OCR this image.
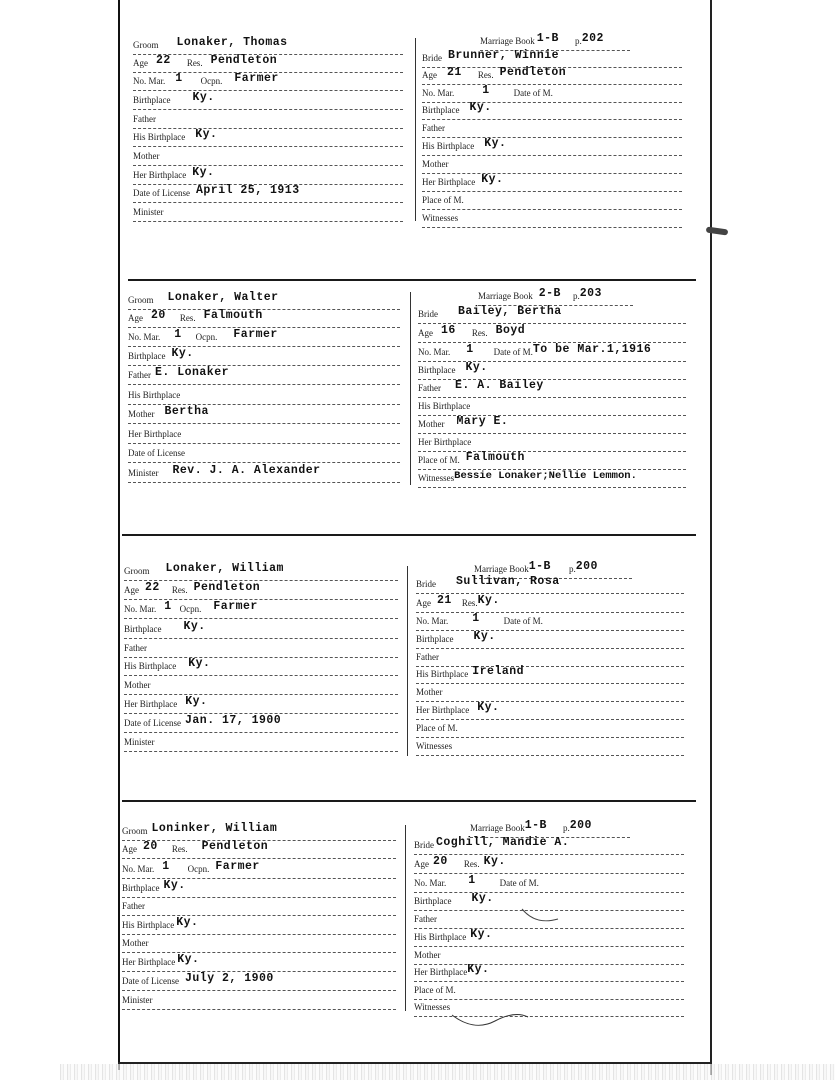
Groom Lonaker, Thomas
Age 22 Res. Pendleton
No. Mar. 1 Ocpn. Farmer
Birthplace Ky.
Father
His Birthplace Ky.
Mother
Her Birthplace Ky.
Date of License April 25, 1913
Minister
Marriage Book 1-B p.202
Bride Brunner, Winnie
Age 21 Res. Pendleton
No. Mar. 1	Date of M.
Birthplace Ky.
Father
His Birthplace Ky.
Mother
Her Birthplace Ky.
Place of M.
Witnesses
Groom Lonaker, Walter
Age 20 Res. Falmouth
No. Mar. 1 Ocpn. Farmer
Birthplace Ky.
Father E. Lonaker
His Birthplace
Mother Bertha
Her Birthplace
Date of License
Minister Rev. J. A. Alexander
Marriage Book 2-B p.203
Bride Bailey, Bertha
Age 16 Res. Boyd
No. Mar. 1 Date of M.To be Mar.1,1916
Birthplace Ky.
Father E. A. Bailey
His Birthplace
Mother Mary E.
Her Birthplace
Place of M. Falmouth
WitnessesBessie Lonaker;Nellie Lemmon.
Groom Lonaker, William
Age 22 Res. Pendleton
No. Mar. 1 Ocpn. Farmer
Birthplace Ky.
Father
His Birthplace Ky.
Mother
Her Birthplace Ky.
Date of License Jan. 17, 1900
Minister
Marriage Book1-B p.200
Bride Sullivan, Rosa
Age 21 Res.Ky.
No. Mar. 1	Date of M.
Birthplace Ky.
Father
His Birthplace Ireland
Mother
Her Birthplace Ky.
Place of M.
Witnesses
Groom Loninker, William
Age 20 Res. Pendleton
No. Mar. 1 Ocpn. Farmer
Birthplace Ky.
Father
His Birthplace Ky.
Mother
Her Birthplace Ky.
Date of License July 2, 1900
Minister
Marriage Book1-B p.200
Bride Coghill, Mandie A.
Age 20 Res. Ky.
No. Mar. 1	Date of M.
Birthplace Ky.
Father
His Birthplace Ky.
Mother
Her BirthplaceKy.
Place of M.
Witnesses
